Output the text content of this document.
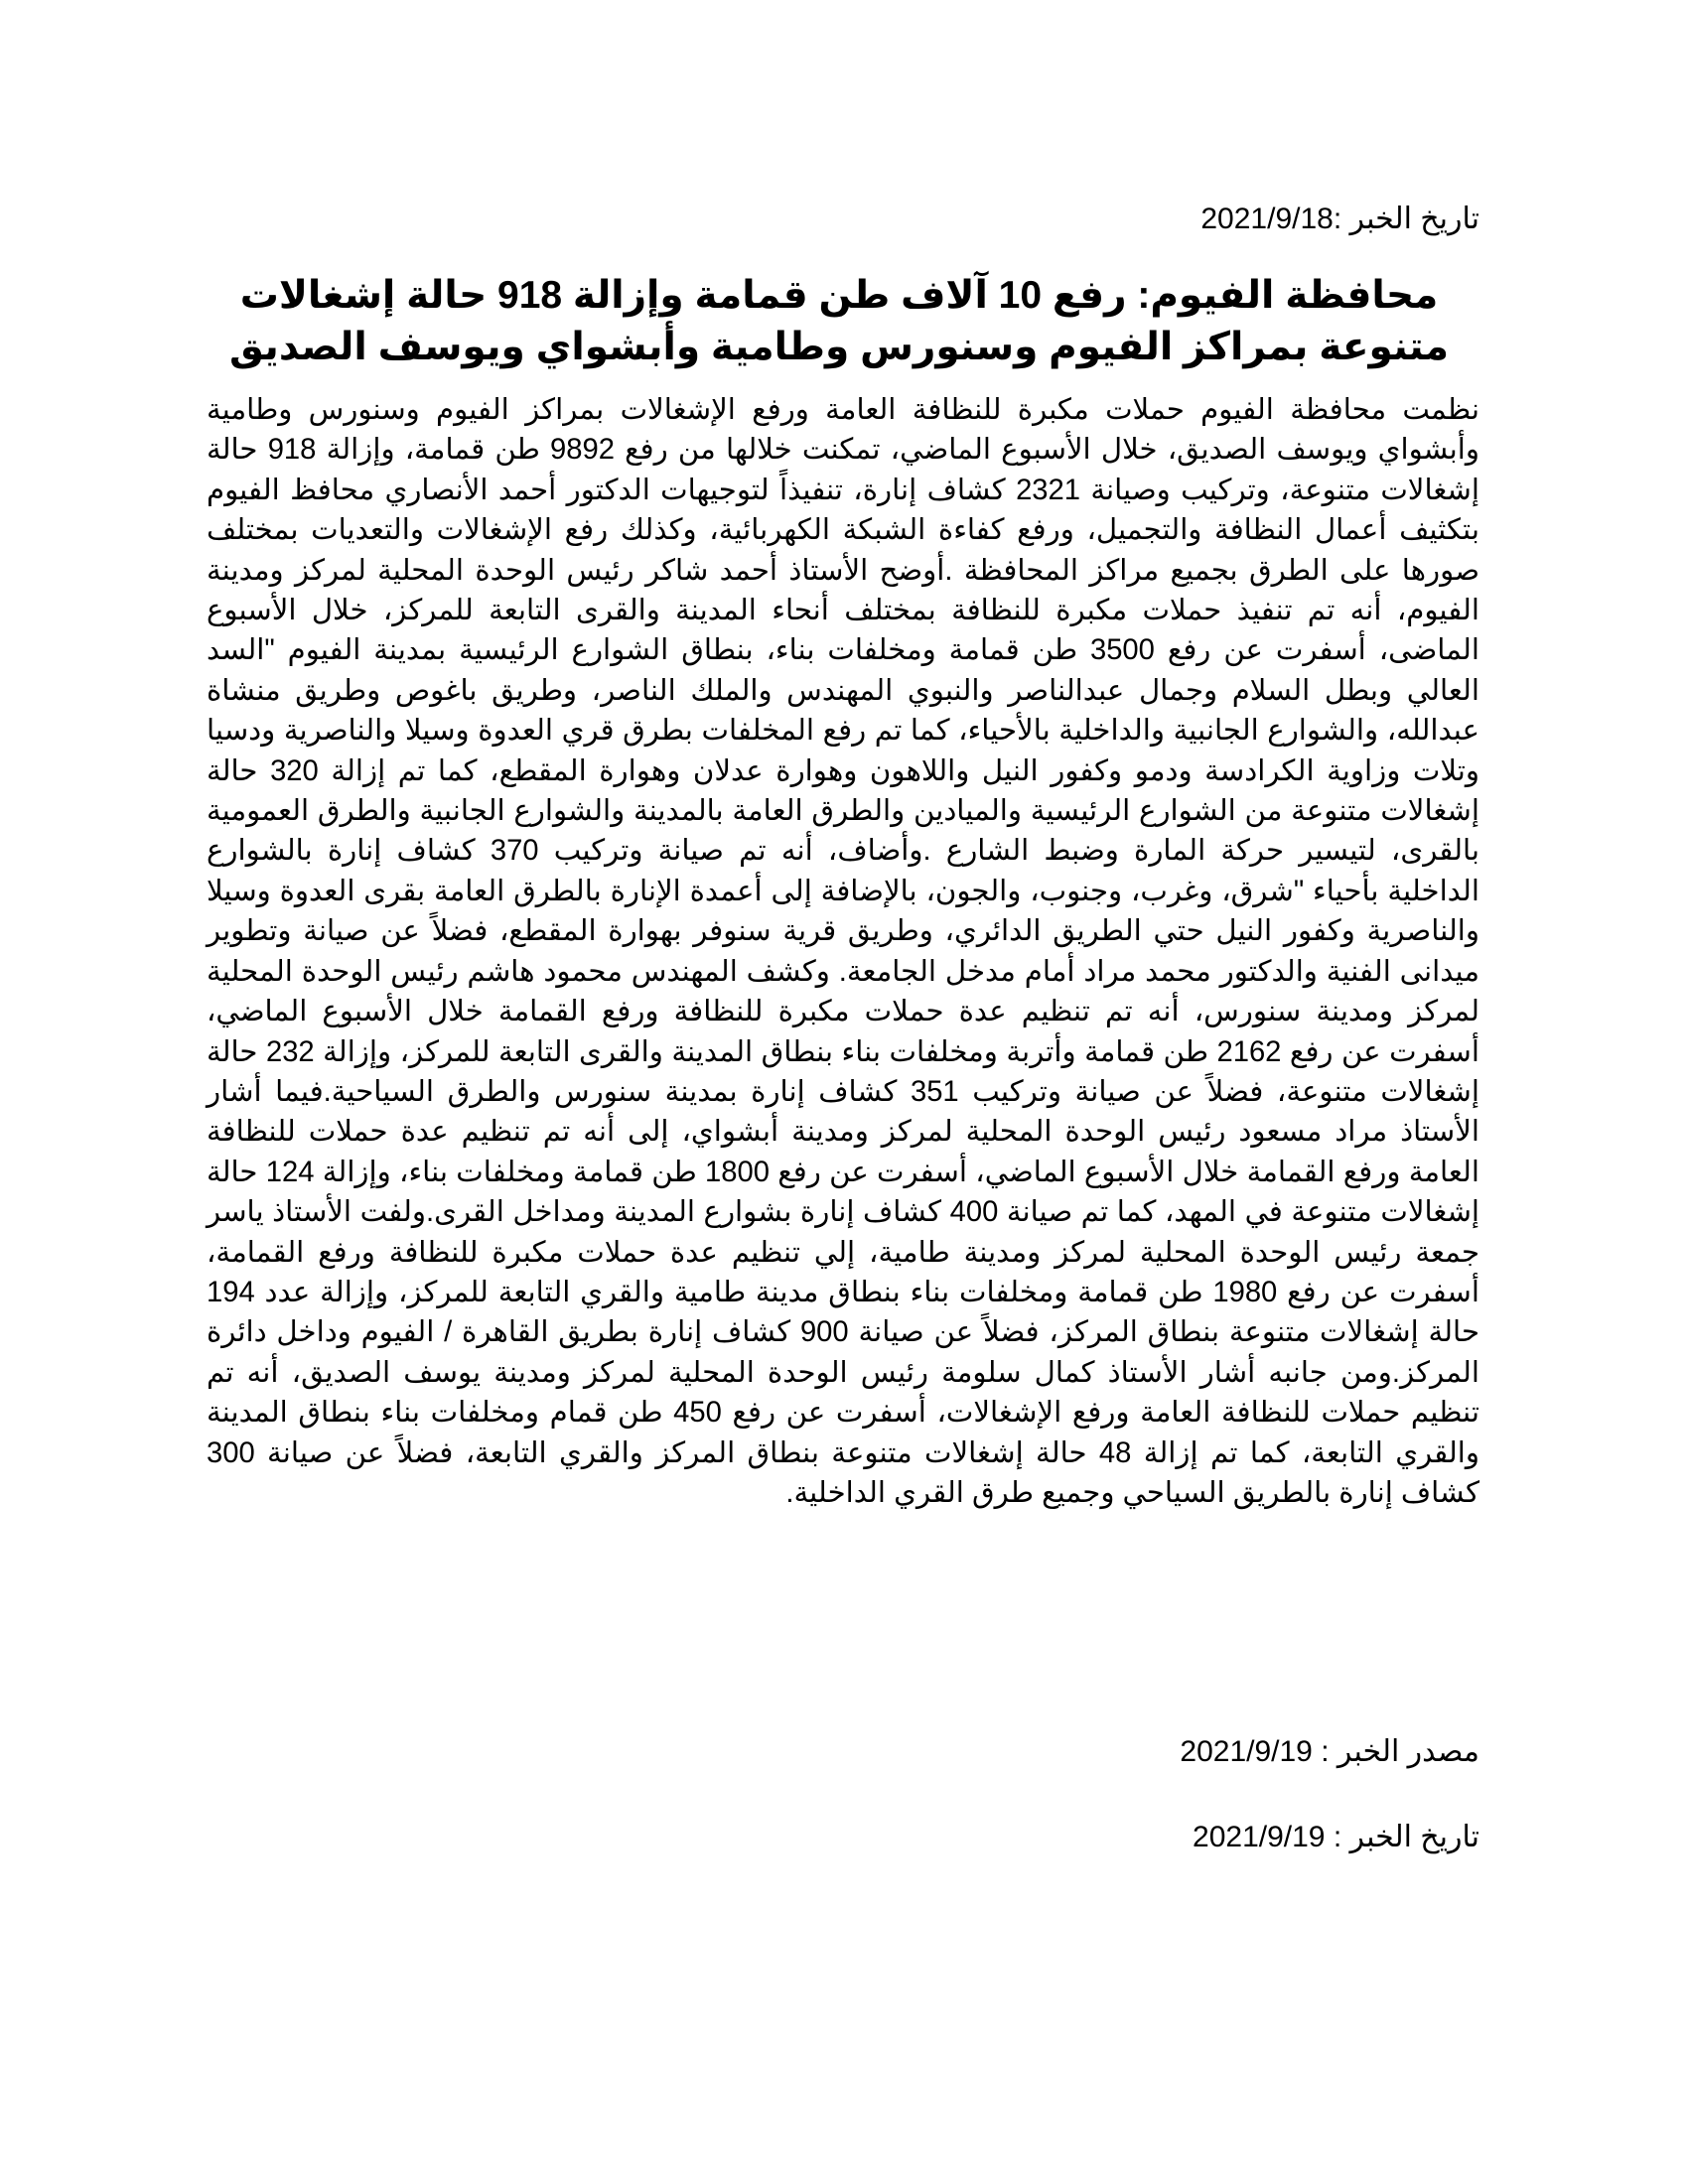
تاريخ الخبر :2021/9/18
محافظة الفيوم: رفع 10 آلاف طن قمامة وإزالة 918 حالة إشغالات متنوعة بمراكز الفيوم وسنورس وطامية وأبشواي ويوسف الصديق

نظمت محافظة الفيوم حملات مكبرة للنظافة العامة ورفع الإشغالات بمراكز الفيوم وسنورس وطامية وأبشواي ويوسف الصديق، خلال الأسبوع الماضي، تمكنت خلالها من رفع 9892 طن قمامة، وإزالة 918 حالة إشغالات متنوعة، وتركيب وصيانة 2321 كشاف إنارة، تنفيذاً لتوجيهات الدكتور أحمد الأنصاري محافظ الفيوم بتكثيف أعمال النظافة والتجميل، ورفع كفاءة الشبكة الكهربائية، وكذلك رفع الإشغالات والتعديات بمختلف صورها على الطرق بجميع مراكز المحافظة .أوضح الأستاذ أحمد شاكر رئيس الوحدة المحلية لمركز ومدينة الفيوم، أنه تم تنفيذ حملات مكبرة للنظافة بمختلف أنحاء المدينة والقرى التابعة للمركز، خلال الأسبوع الماضى، أسفرت عن رفع 3500 طن قمامة ومخلفات بناء، بنطاق الشوارع الرئيسية بمدينة الفيوم "السد العالي وبطل السلام وجمال عبدالناصر والنبوي المهندس والملك الناصر، وطريق باغوص وطريق منشاة عبدالله، والشوارع الجانبية والداخلية بالأحياء، كما تم رفع المخلفات بطرق قري العدوة وسيلا والناصرية ودسيا وتلات وزاوية الكرادسة ودمو وكفور النيل واللاهون وهوارة عدلان وهوارة المقطع، كما تم إزالة 320 حالة إشغالات متنوعة من الشوارع الرئيسية والميادين والطرق العامة بالمدينة والشوارع الجانبية والطرق العمومية بالقرى، لتيسير حركة المارة وضبط الشارع .وأضاف، أنه تم صيانة وتركيب 370 كشاف إنارة بالشوارع الداخلية بأحياء "شرق، وغرب، وجنوب، والجون، بالإضافة إلى أعمدة الإنارة بالطرق العامة بقرى العدوة وسيلا والناصرية وكفور النيل حتي الطريق الدائري، وطريق قرية سنوفر بهوارة المقطع، فضلاً عن صيانة وتطوير ميدانى الفنية والدكتور محمد مراد أمام مدخل الجامعة. وكشف المهندس محمود هاشم رئيس الوحدة المحلية لمركز ومدينة سنورس، أنه تم تنظيم عدة حملات مكبرة للنظافة ورفع القمامة خلال الأسبوع الماضي، أسفرت عن رفع 2162 طن قمامة وأتربة ومخلفات بناء بنطاق المدينة والقرى التابعة للمركز، وإزالة 232 حالة إشغالات متنوعة، فضلاً عن صيانة وتركيب 351 كشاف إنارة بمدينة سنورس والطرق السياحية.فيما أشار الأستاذ مراد مسعود رئيس الوحدة المحلية لمركز ومدينة أبشواي، إلى أنه تم تنظيم عدة حملات للنظافة العامة ورفع القمامة خلال الأسبوع الماضي، أسفرت عن رفع 1800 طن قمامة ومخلفات بناء، وإزالة 124 حالة إشغالات متنوعة في المهد، كما تم صيانة 400 كشاف إنارة بشوارع المدينة ومداخل القرى.ولفت الأستاذ ياسر جمعة رئيس الوحدة المحلية لمركز ومدينة طامية، إلي تنظيم عدة حملات مكبرة للنظافة ورفع القمامة، أسفرت عن رفع 1980 طن قمامة ومخلفات بناء بنطاق مدينة طامية والقري التابعة للمركز، وإزالة عدد 194 حالة إشغالات متنوعة بنطاق المركز، فضلاً عن صيانة 900 كشاف إنارة بطريق القاهرة / الفيوم وداخل دائرة المركز.ومن جانبه أشار الأستاذ كمال سلومة رئيس الوحدة المحلية لمركز ومدينة يوسف الصديق، أنه تم تنظيم حملات للنظافة العامة ورفع الإشغالات، أسفرت عن رفع 450 طن قمام ومخلفات بناء بنطاق المدينة والقري التابعة، كما تم إزالة 48 حالة إشغالات متنوعة بنطاق المركز والقري التابعة، فضلاً عن صيانة 300 كشاف إنارة بالطريق السياحي وجميع طرق القري الداخلية.

مصدر الخبر : 2021/9/19
تاريخ الخبر : 2021/9/19
